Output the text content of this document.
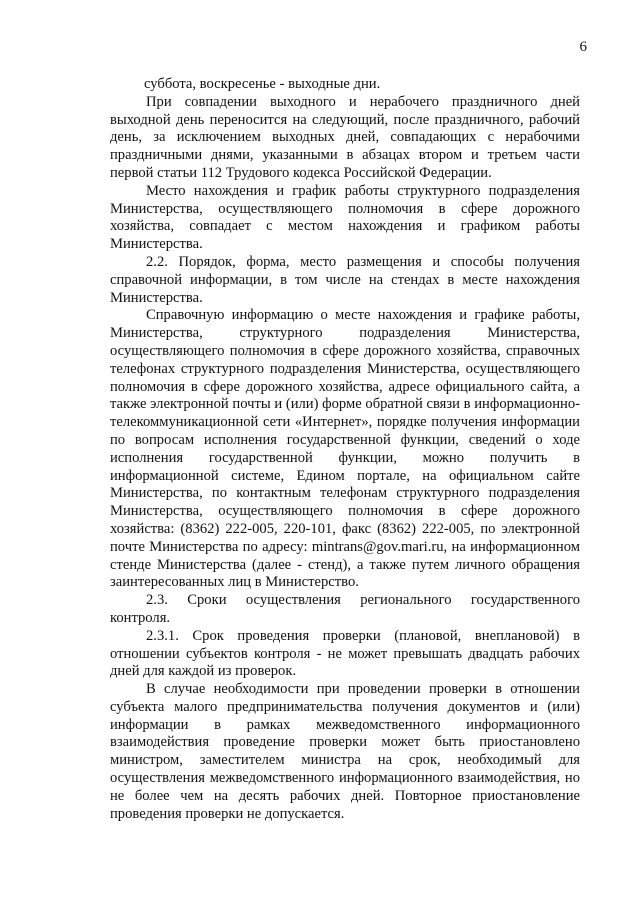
6

суббота, воскресенье - выходные дни.

При совпадении выходного и нерабочего праздничного дней выходной день переносится на следующий, после праздничного, рабочий день, за исключением выходных дней, совпадающих с нерабочими праздничными днями, указанными в абзацах втором и третьем части первой статьи 112 Трудового кодекса Российской Федерации.

Место нахождения и график работы структурного подразделения Министерства, осуществляющего полномочия в сфере дорожного хозяйства, совпадает с местом нахождения и графиком работы Министерства.

2.2. Порядок, форма, место размещения и способы получения справочной информации, в том числе на стендах в месте нахождения Министерства.

Справочную информацию о месте нахождения и графике работы, Министерства, структурного подразделения Министерства, осуществляющего полномочия в сфере дорожного хозяйства, справочных телефонах структурного подразделения Министерства, осуществляющего полномочия в сфере дорожного хозяйства, адресе официального сайта, а также электронной почты и (или) форме обратной связи в информационно-телекоммуникационной сети «Интернет», порядке получения информации по вопросам исполнения государственной функции, сведений о ходе исполнения государственной функции, можно получить в информационной системе, Едином портале, на официальном сайте Министерства, по контактным телефонам структурного подразделения Министерства, осуществляющего полномочия в сфере дорожного хозяйства: (8362) 222-005, 220-101, факс (8362) 222-005, по электронной почте Министерства по адресу: mintrans@gov.mari.ru, на информационном стенде Министерства (далее - стенд), а также путем личного обращения заинтересованных лиц в Министерство.

2.3. Сроки осуществления регионального государственного контроля.

2.3.1. Срок проведения проверки (плановой, внеплановой) в отношении субъектов контроля - не может превышать двадцать рабочих дней для каждой из проверок.

В случае необходимости при проведении проверки в отношении субъекта малого предпринимательства получения документов и (или) информации в рамках межведомственного информационного взаимодействия проведение проверки может быть приостановлено министром, заместителем министра на срок, необходимый для осуществления межведомственного информационного взаимодействия, но не более чем на десять рабочих дней. Повторное приостановление проведения проверки не допускается.
